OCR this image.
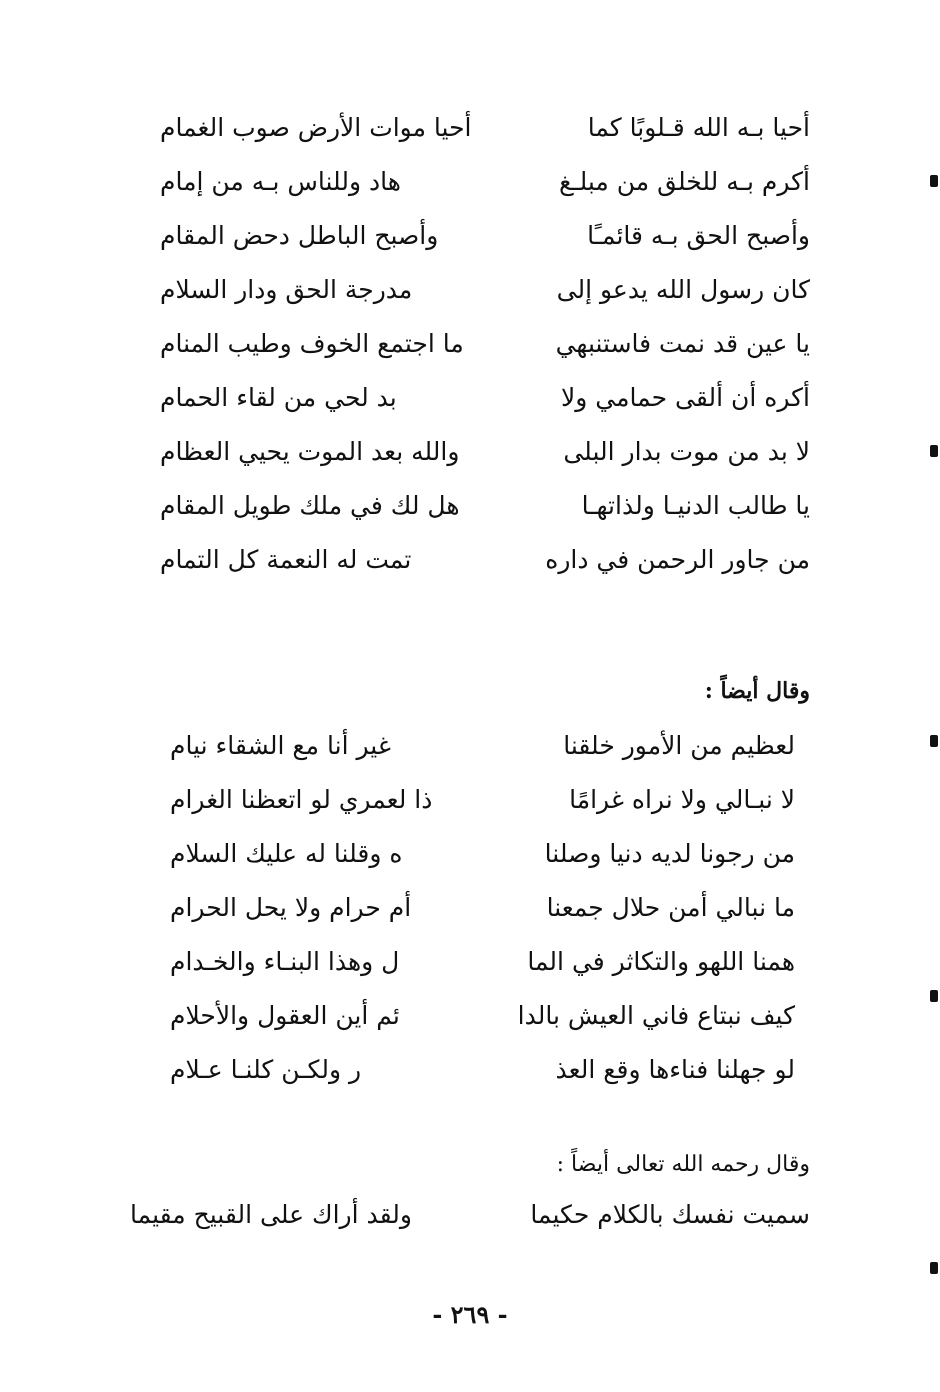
أحيا بـه الله قـلوبًا كما
أحيا موات الأرض صوب الغمام
أكرم بـه للخلق من مبلـغ
هاد وللناس بـه من إمام
وأصبح الحق بـه قائمـًا
وأصبح الباطل دحض المقام
كان رسول الله يدعو إلى
مدرجة الحق ودار السلام
يا عين قد نمت فاستنبهي
ما اجتمع الخوف وطيب المنام
أكره أن ألقى حمامي ولا
بد لحي من لقاء الحمام
لا بد من موت بدار البلى
والله بعد الموت يحيي العظام
يا طالب الدنيـا ولذاتهـا
هل لك في ملك طويل المقام
من جاور الرحمن في داره
تمت له النعمة كل التمام
وقال أيضاً :
لعظيم من الأمور خلقنا
غير أنا مع الشقاء نيام
لا نبـالي ولا نراه غرامًا
ذا لعمري لو اتعظنا الغرام
من رجونا لديه دنيا وصلنا
ه وقلنا له عليك السلام
ما نبالي أمن حلال جمعنا
أم حرام ولا يحل الحرام
همنا اللهو والتكاثر في الما
ل وهذا البنـاء والخـدام
كيف نبتاع فاني العيش بالدا
ئم أين العقول والأحلام
لو جهلنا فناءها وقع العذ
ر ولكـن كلنـا عـلام
وقال رحمه الله تعالى أيضاً :
سميت نفسك بالكلام حكيما
ولقد أراك على القبيح مقيما
- ٢٦٩ -
